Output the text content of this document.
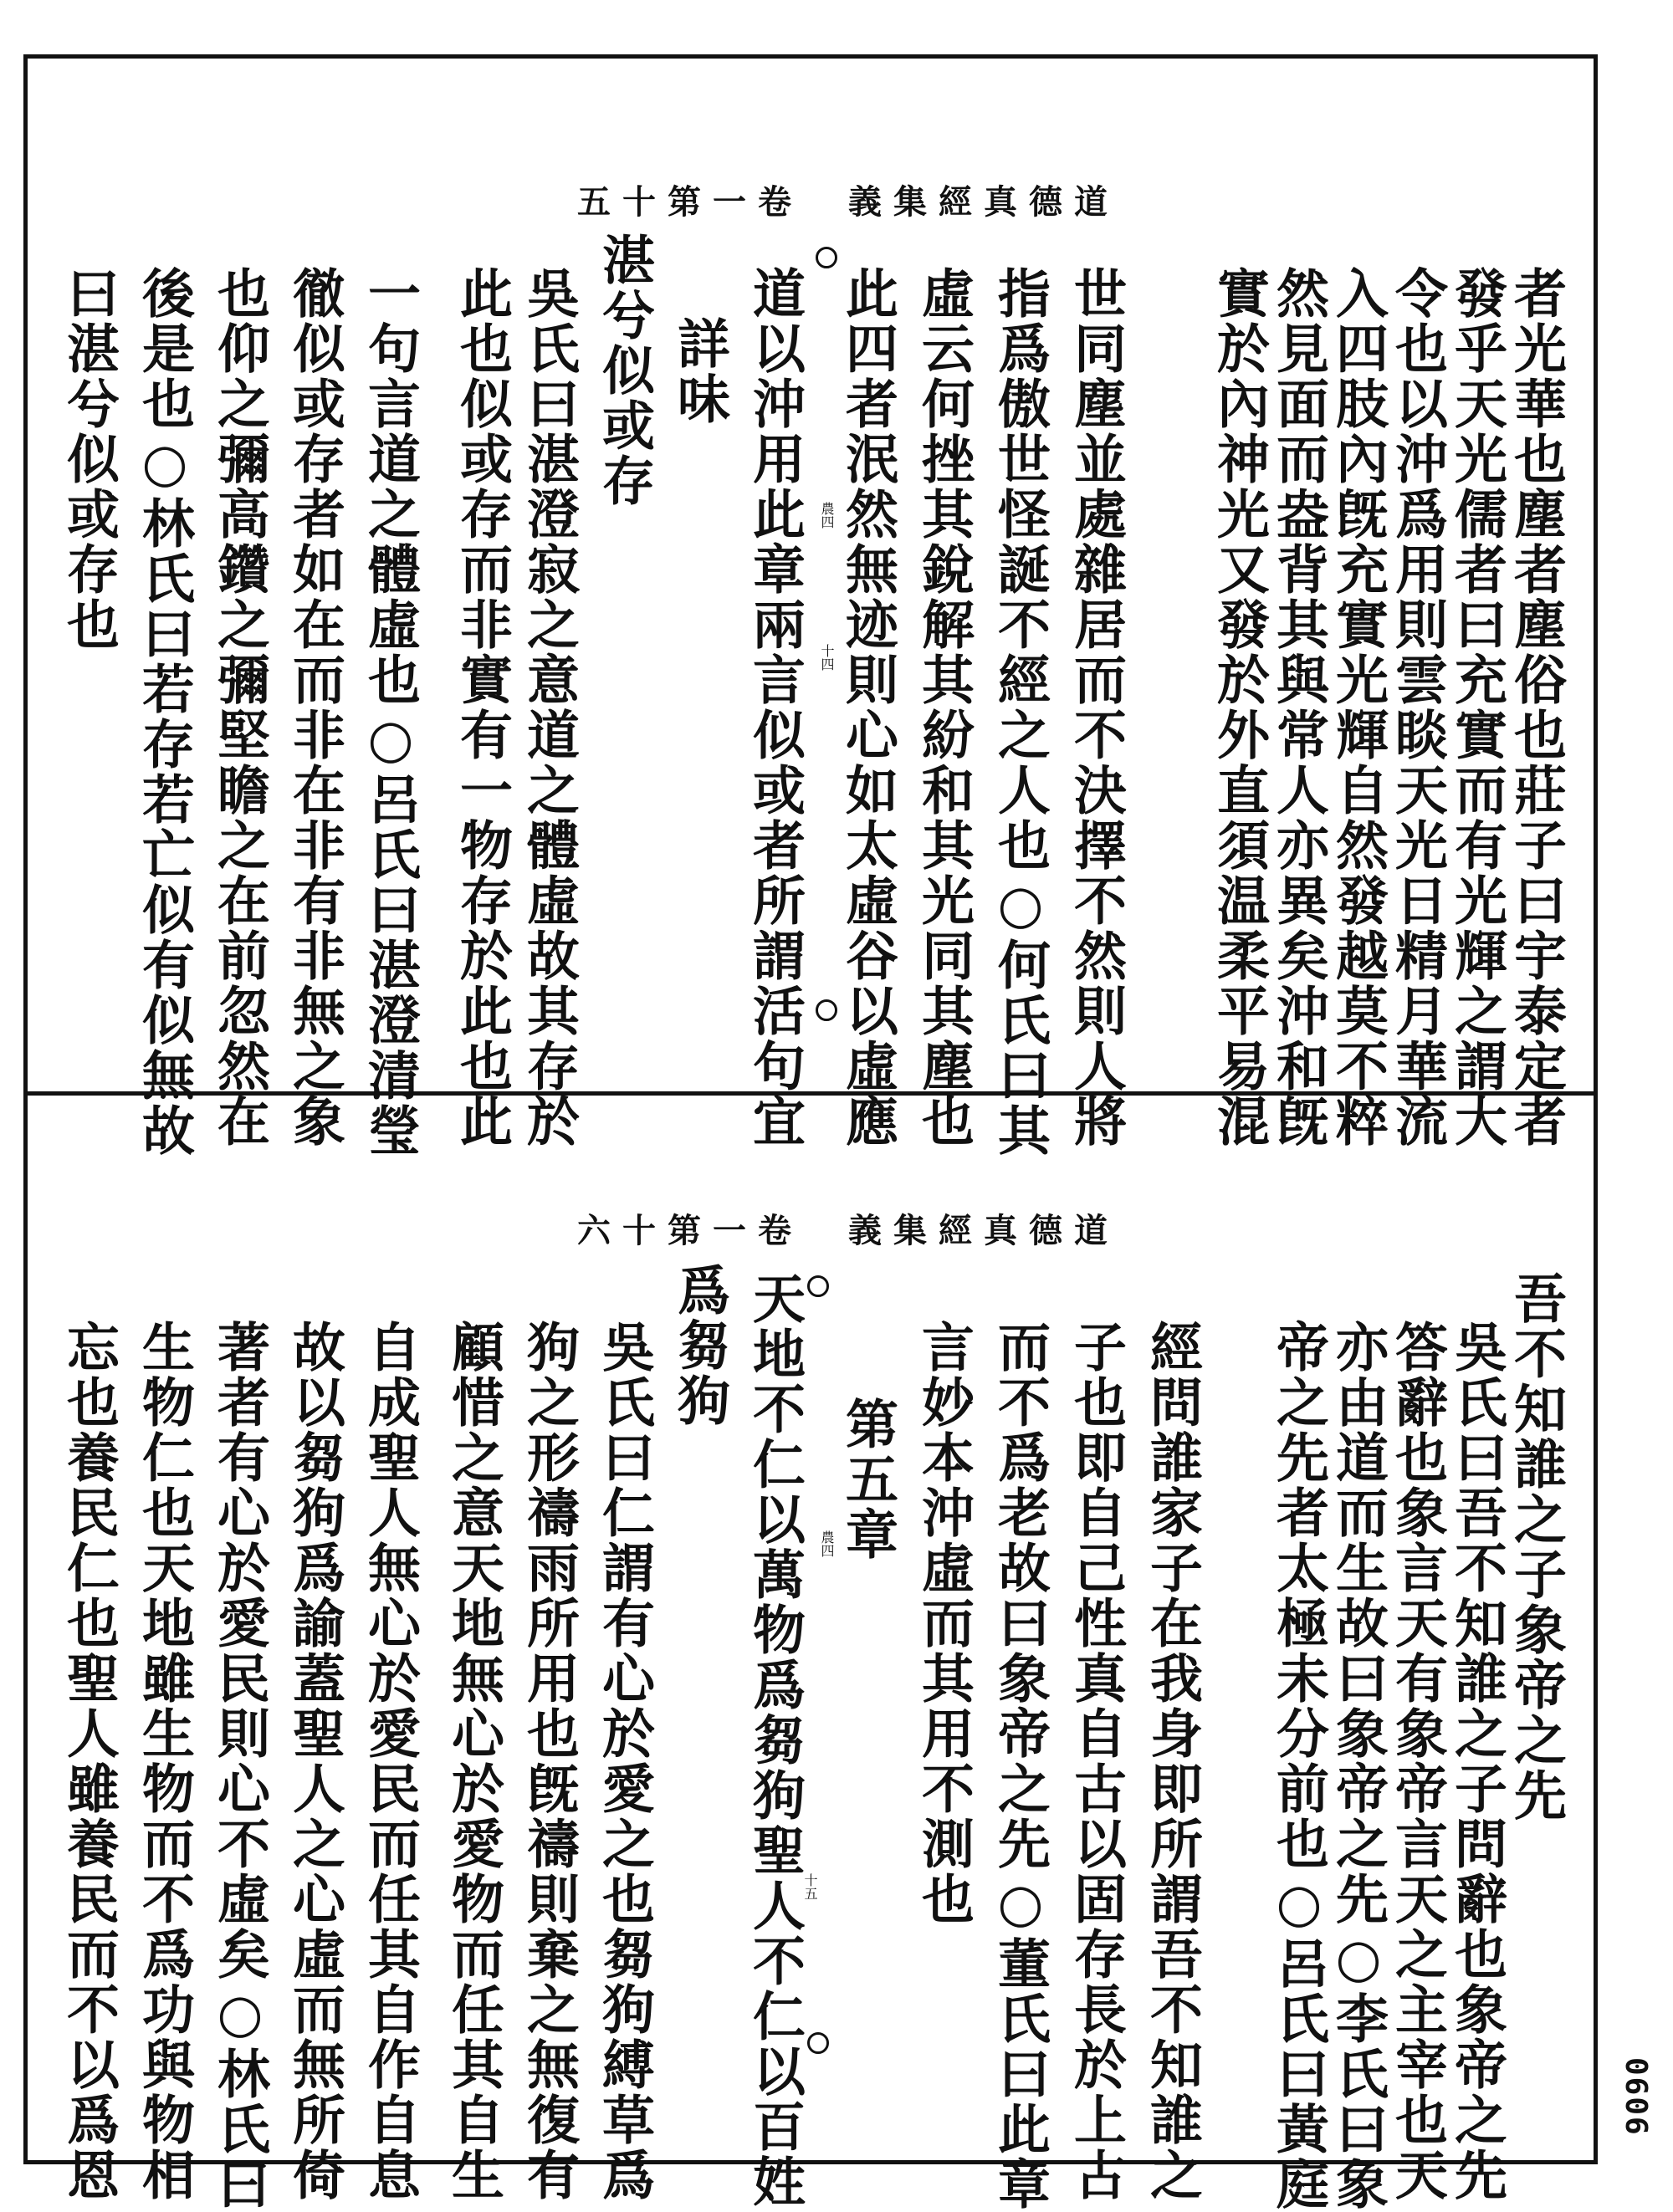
五十第一卷　義集經真德道
者光華也塵者塵俗也莊子曰宇泰定者
發乎天光儒者曰充實而有光輝之謂大
令也以沖爲用則雲睒天光日精月華流
入四肢內旣充實光輝自然發越莫不粹
然見面而盎背其與常人亦異矣沖和旣
實於內神光又發於外直須温柔平易混
世同塵並處雜居而不決擇不然則人將
指爲傲世怪誕不經之人也○何氏曰其
虛云何挫其銳解其紛和其光同其塵也
此四者泯然無迹則心如太虛谷以虛應
道以沖用此章兩言似或者所謂活句宜 農四
十四
詳味
湛兮似或存
吳氏曰湛澄寂之意道之體虛故其存於
此也似或存而非實有一物存於此也此
一句言道之體虛也○呂氏曰湛澄清瑩
徹似或存者如在而非在非有非無之象
也仰之彌高鑽之彌堅瞻之在前忽然在
後是也○林氏曰若存若亡似有似無故
曰湛兮似或存也
六十第一卷　義集經真德道
吾不知誰之子象帝之先
吳氏曰吾不知誰之子問辭也象帝之先
答辭也象言天有象帝言天之主宰也天
亦由道而生故曰象帝之先○李氏曰象
帝之先者太極未分前也○呂氏曰黃庭
經問誰家子在我身即所謂吾不知誰之
子也即自己性真自古以固存長於上古
而不爲老故曰象帝之先○董氏曰此章
言妙本沖虛而其用不測也
第五章
農四
天地不仁以萬物爲芻狗聖人不仁以百姓
十五
爲芻狗
吳氏曰仁謂有心於愛之也芻狗縛草爲
狗之形禱雨所用也旣禱則棄之無復有
顧惜之意天地無心於愛物而任其自生
自成聖人無心於愛民而任其自作自息
故以芻狗爲諭蓋聖人之心虛而無所倚
著者有心於愛民則心不虛矣○林氏曰
生物仁也天地雖生物而不爲功與物相
忘也養民仁也聖人雖養民而不以爲恩	0606
